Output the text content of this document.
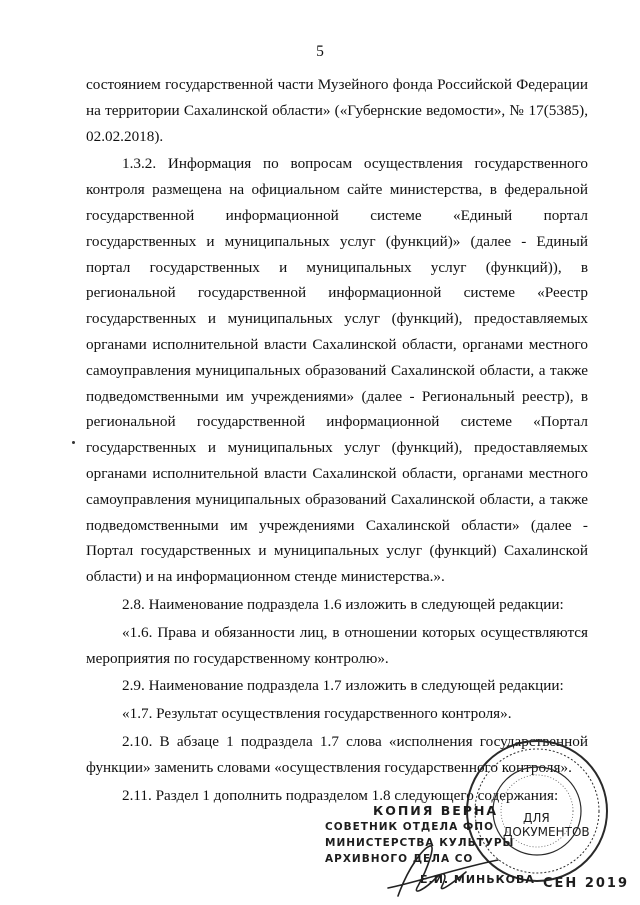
5

состоянием государственной части Музейного фонда Российской Федерации на территории Сахалинской области» («Губернские ведомости», № 17(5385), 02.02.2018).

1.3.2. Информация по вопросам осуществления государственного контроля размещена на официальном сайте министерства, в федеральной государственной информационной системе «Единый портал государственных и муниципальных услуг (функций)» (далее - Единый портал государственных и муниципальных услуг (функций)), в региональной государственной информационной системе «Реестр государственных и муниципальных услуг (функций), предоставляемых органами исполнительной власти Сахалинской области, органами местного самоуправления муниципальных образований Сахалинской области, а также подведомственными им учреждениями» (далее - Региональный реестр), в региональной государственной информационной системе «Портал государственных и муниципальных услуг (функций), предоставляемых органами исполнительной власти Сахалинской области, органами местного самоуправления муниципальных образований Сахалинской области, а также подведомственными им учреждениями Сахалинской области» (далее - Портал государственных и муниципальных услуг (функций) Сахалинской области) и на информационном стенде министерства.».

2.8. Наименование подраздела 1.6 изложить в следующей редакции:

«1.6. Права и обязанности лиц, в отношении которых осуществляются мероприятия по государственному контролю».

2.9. Наименование подраздела 1.7 изложить в следующей редакции:

«1.7. Результат осуществления государственного контроля».

2.10. В абзаце 1 подраздела 1.7 слова «исполнения государственной функции» заменить словами «осуществления государственного контроля».

2.11. Раздел 1 дополнить подразделом 1.8 следующего содержания:

КОПИЯ ВЕРНА ДЛЯ
ДОКУМЕНТОВ
СОВЕТНИК ОТДЕЛА ФПО
МИНИСТЕРСТВА КУЛЬТУРЫ
АРХИВНОГО ДЕЛА СО
Е.И. МИНЬКОВА СЕН 2019
